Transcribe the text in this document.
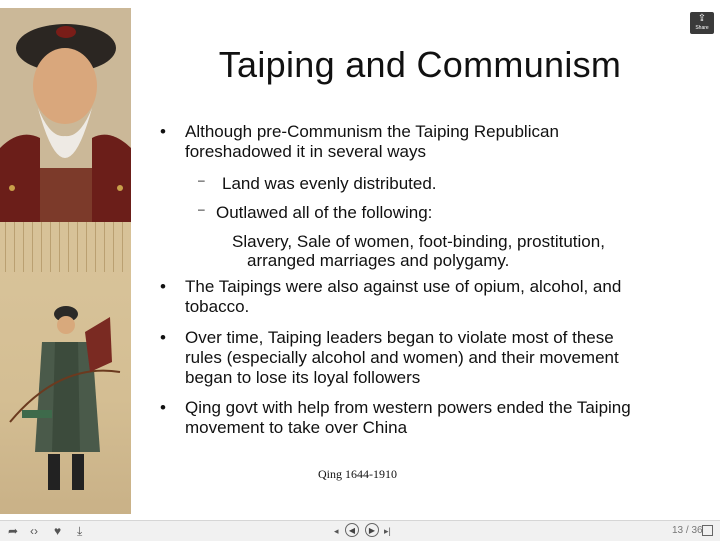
Taiping and Communism
⇪
Share
• Although pre-Communism the Taiping Republican foreshadowed it in several ways
– Land was evenly distributed.
– Outlawed all of the following:
Slavery, Sale of women, foot-binding, prostitution,
arranged marriages and polygamy.
• The Taipings were also against use of opium, alcohol, and tobacco.
• Over time, Taiping leaders began to violate most of these rules (especially alcohol and women) and their movement began to lose its loyal followers
• Qing govt with help from western powers ended the Taiping movement to take over China
Qing 1644-1910
➦ ‹› ♥ ⤓	◂	◀	▶ ▸|	13 / 36
